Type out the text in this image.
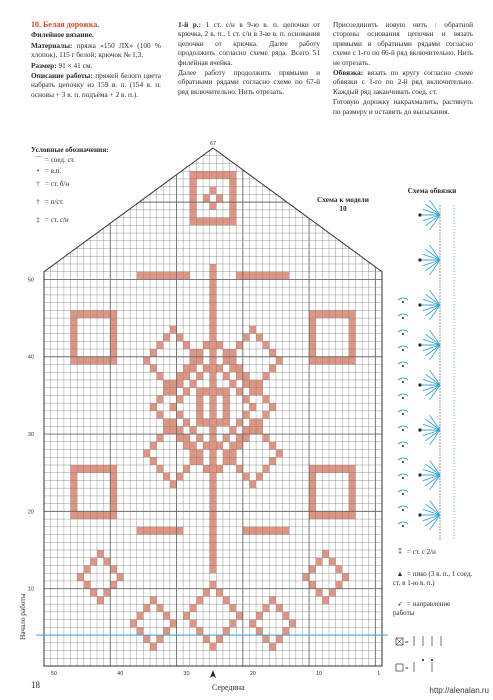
10. Белая дорожка.

Филейное вязание.

Материалы: пряжа «150 ЛХ» (100 % хлопок), 115 г белой; крючок № 1,3.

Размер: 91 × 41 см.

Описание работы: пряжей белого цвета набрать цепочку из 159 в. п. (154 в. п. основы + 3 в. п. подъёма + 2 в. п.).

1-й р.: 1 ст. с/н в 9-ю в. п. цепочки от крючка, 2 в. п., 1 ст. с/н в 3-ю в. п. основания цепочки от крючка. Далее работу продолжить согласно схеме ряда. Всего 51 филейная ячейка.

Далее работу продолжить прямыми и обратными рядами согласно схеме по 67-й ряд включительно. Нить отрезать.

Присоединить новую нить : обратной стороны основания цепочки и вязать прямыми и обратными рядами согласно схеме с 1-го по 66-й ряд включительно. Нить не отрезать.

Обвязка: вязать по кругу согласно схеме обвязки с 1-го по 2-й ряд включительно. Каждый ряд заканчивать соед. ст.

Готовую дорожку накрахмалить, растянуть по размеру и оставить до высыхания.

Условные обозначения:
⌒ = соед. ст.
• = в.п.
† = ст. б/н
† = п/ст.
‡ = ст. с/н
Схема к модели 10
Схема обвязки
10
20
30
40
50
1
10
20
30
40
50
67
=
=
Начало работы
⁑ = ст. с 2/н
▲ = пико (3 в. п., 1 соед. ст. в 1-ю в. п.)
➶ = направление работы
18	Середина	http://alenalan.ru
